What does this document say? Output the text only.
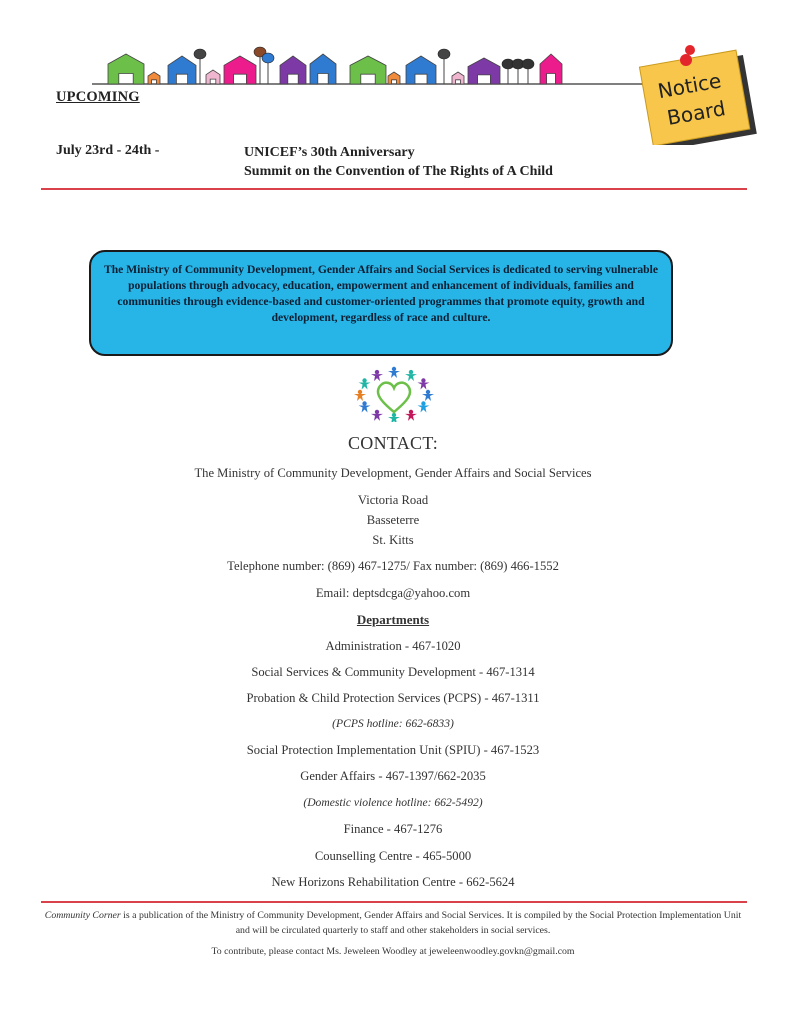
Notice
Board
UPCOMING
July 23rd - 24th -	UNICEF’s 30th Anniversary
Summit on the Convention of The Rights of A Child
The Ministry of Community Development, Gender Affairs and Social Services is dedicated to serving vulnerable populations through advocacy, education, empowerment and enhancement of individuals, families and communities through evidence-based and customer-oriented programmes that promote equity, growth and development, regardless of race and culture.
CONTACT:
The Ministry of Community Development, Gender Affairs and Social Services
Victoria Road
Basseterre
St. Kitts
Telephone number: (869) 467-1275/ Fax number: (869) 466-1552
Email: deptsdcga@yahoo.com
Departments
Administration - 467-1020
Social Services & Community Development - 467-1314
Probation & Child Protection Services (PCPS) - 467-1311
(PCPS hotline: 662-6833)
Social Protection Implementation Unit (SPIU) - 467-1523
Gender Affairs - 467-1397/662-2035
(Domestic violence hotline: 662-5492)
Finance - 467-1276
Counselling Centre - 465-5000
New Horizons Rehabilitation Centre - 662-5624
Community Corner is a publication of the Ministry of Community Development, Gender Affairs and Social Services. It is compiled by the Social Protection Implementation Unit and will be circulated quarterly to staff and other stakeholders in social services.
To contribute, please contact Ms. Jeweleen Woodley at jeweleenwoodley.govkn@gmail.com
